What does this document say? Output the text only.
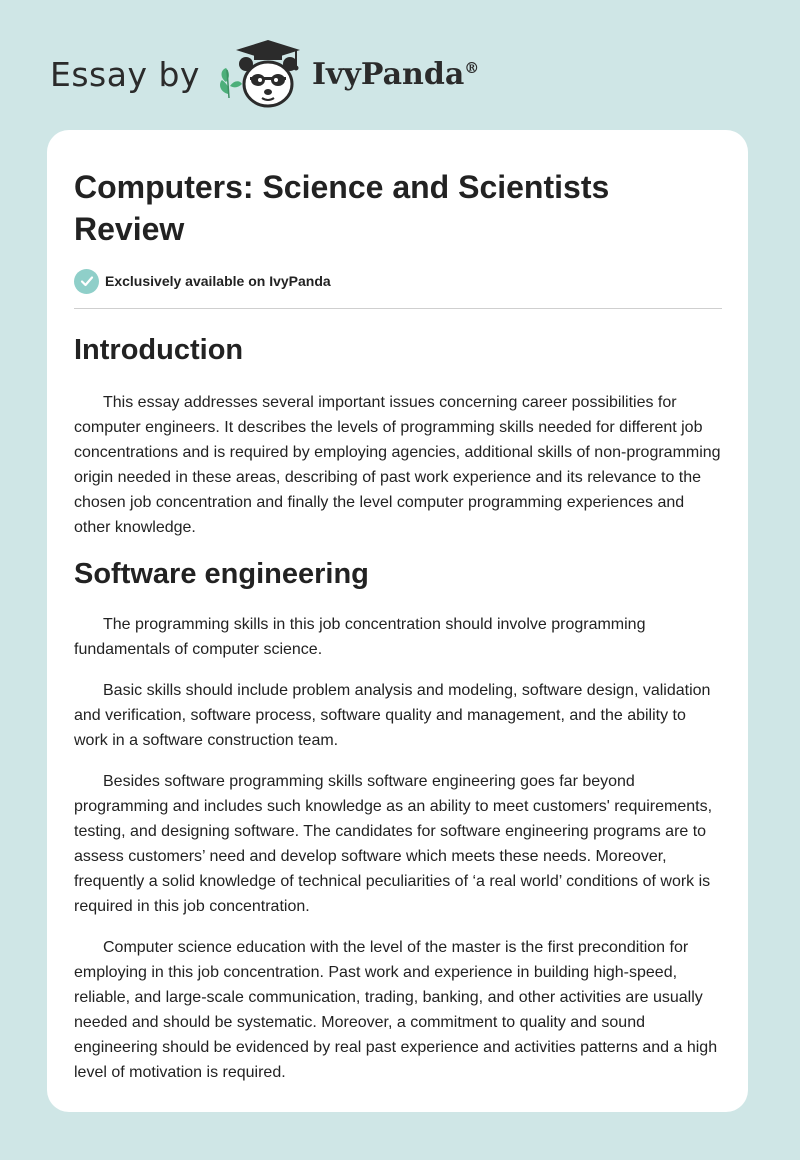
Essay by	IvyPanda®
Computers: Science and Scientists Review
Exclusively available on IvyPanda
Introduction

This essay addresses several important issues concerning career possibilities for computer engineers. It describes the levels of programming skills needed for different job concentrations and is required by employing agencies, additional skills of non-programming origin needed in these areas, describing of past work experience and its relevance to the chosen job concentration and finally the level computer programming experiences and other knowledge.

Software engineering

The programming skills in this job concentration should involve programming fundamentals of computer science.

Basic skills should include problem analysis and modeling, software design, validation and verification, software process, software quality and management, and the ability to work in a software construction team.

Besides software programming skills software engineering goes far beyond programming and includes such knowledge as an ability to meet customers' requirements, testing, and designing software. The candidates for software engineering programs are to assess customers’ need and develop software which meets these needs. Moreover, frequently a solid knowledge of technical peculiarities of ‘a real world’ conditions of work is required in this job concentration.

Computer science education with the level of the master is the first precondition for employing in this job concentration. Past work and experience in building high-speed, reliable, and large-scale communication, trading, banking, and other activities are usually needed and should be systematic. Moreover, a commitment to quality and sound engineering should be evidenced by real past experience and activities patterns and a high level of motivation is required.
